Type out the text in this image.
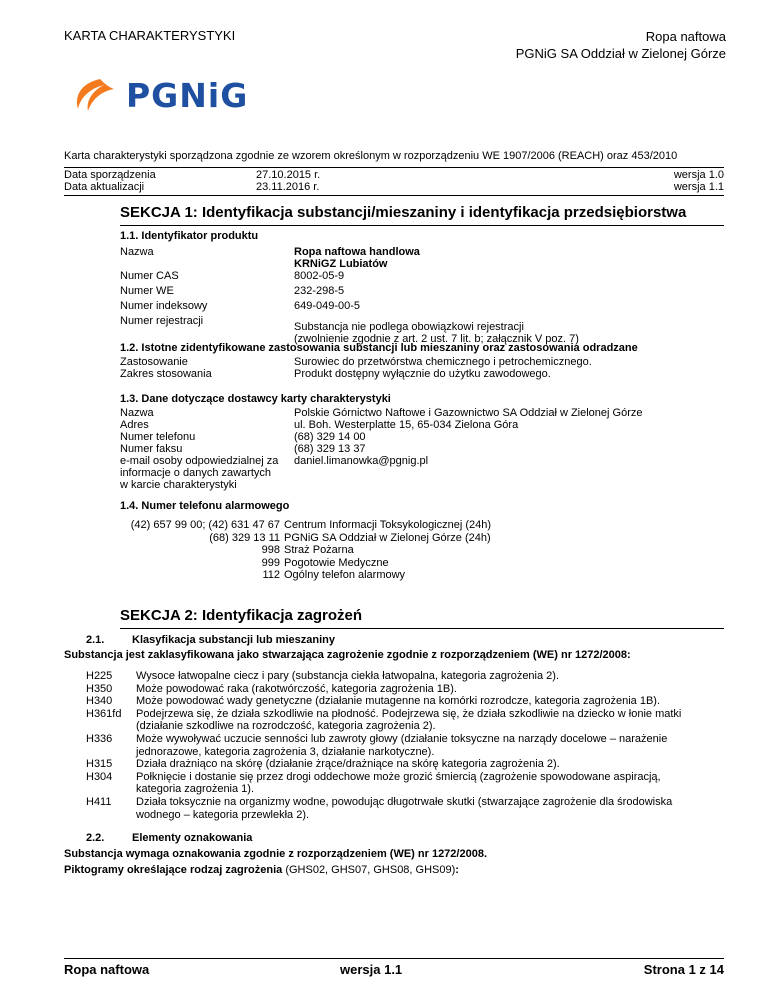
KARTA CHARAKTERYSTYKI	Ropa naftowa
PGNiG SA Oddział w Zielonej Górze
PGNiG
Karta charakterystyki sporządzona zgodnie ze wzorem określonym w rozporządzeniu WE 1907/2006 (REACH) oraz 453/2010
Data sporządzenia	27.10.2015 r.	wersja 1.0
Data aktualizacji	23.11.2016 r.	wersja 1.1
SEKCJA 1: Identyfikacja substancji/mieszaniny i identyfikacja przedsiębiorstwa
1.1. Identyfikator produktu
Nazwa	Ropa naftowa handlowa
KRNiGZ Lubiatów
Numer CAS	8002-05-9
Numer WE	232-298-5
Numer indeksowy	649-049-00-5
Numer rejestracji	Substancja nie podlega obowiązkowi rejestracji
(zwolnienie zgodnie z art. 2 ust. 7 lit. b; załącznik V poz. 7)
1.2. Istotne zidentyfikowane zastosowania substancji lub mieszaniny oraz zastosowania odradzane
Zastosowanie	Surowiec do przetwórstwa chemicznego i petrochemicznego.
Zakres stosowania	Produkt dostępny wyłącznie do użytku zawodowego.
1.3. Dane dotyczące dostawcy karty charakterystyki
Nazwa	Polskie Górnictwo Naftowe i Gazownictwo SA Oddział w Zielonej Górze
Adres	ul. Boh. Westerplatte 15, 65-034 Zielona Góra
Numer telefonu	(68) 329 14 00
Numer faksu	(68) 329 13 37
e-mail osoby odpowiedzialnej za daniel.limanowka@pgnig.pl
informacje o danych zawartych
w karcie charakterystyki
1.4. Numer telefonu alarmowego
(42) 657 99 00; (42) 631 47 67 Centrum Informacji Toksykologicznej (24h)
(68) 329 13 11 PGNiG SA Oddział w Zielonej Górze (24h)
998 Straż Pożarna
999 Pogotowie Medyczne
112 Ogólny telefon alarmowy
SEKCJA 2: Identyfikacja zagrożeń
2.1.	Klasyfikacja substancji lub mieszaniny
Substancja jest zaklasyfikowana jako stwarzająca zagrożenie zgodnie z rozporządzeniem (WE) nr 1272/2008:
H225	Wysoce łatwopalne ciecz i pary (substancja ciekła łatwopalna, kategoria zagrożenia 2).
H350	Może powodować raka (rakotwórczość, kategoria zagrożenia 1B).
H340	Może powodować wady genetyczne (działanie mutagenne na komórki rozrodcze, kategoria zagrożenia 1B).
H361fd	Podejrzewa się, że działa szkodliwie na płodność. Podejrzewa się, że działa szkodliwie na dziecko w łonie matki
(działanie szkodliwe na rozrodczość, kategoria zagrożenia 2).
H336	Może wywoływać uczucie senności lub zawroty głowy (działanie toksyczne na narządy docelowe – narażenie
jednorazowe, kategoria zagrożenia 3, działanie narkotyczne).
H315	Działa drażniąco na skórę (działanie żrące/drażniące na skórę kategoria zagrożenia 2).
H304	Połknięcie i dostanie się przez drogi oddechowe może grozić śmiercią (zagrożenie spowodowane aspiracją,
kategoria zagrożenia 1).
H411	Działa toksycznie na organizmy wodne, powodując długotrwałe skutki (stwarzające zagrożenie dla środowiska
wodnego – kategoria przewlekła 2).
2.2.	Elementy oznakowania
Substancja wymaga oznakowania zgodnie z rozporządzeniem (WE) nr 1272/2008.
Piktogramy określające rodzaj zagrożenia (GHS02, GHS07, GHS08, GHS09):
Ropa naftowa	wersja 1.1	Strona 1 z 14
